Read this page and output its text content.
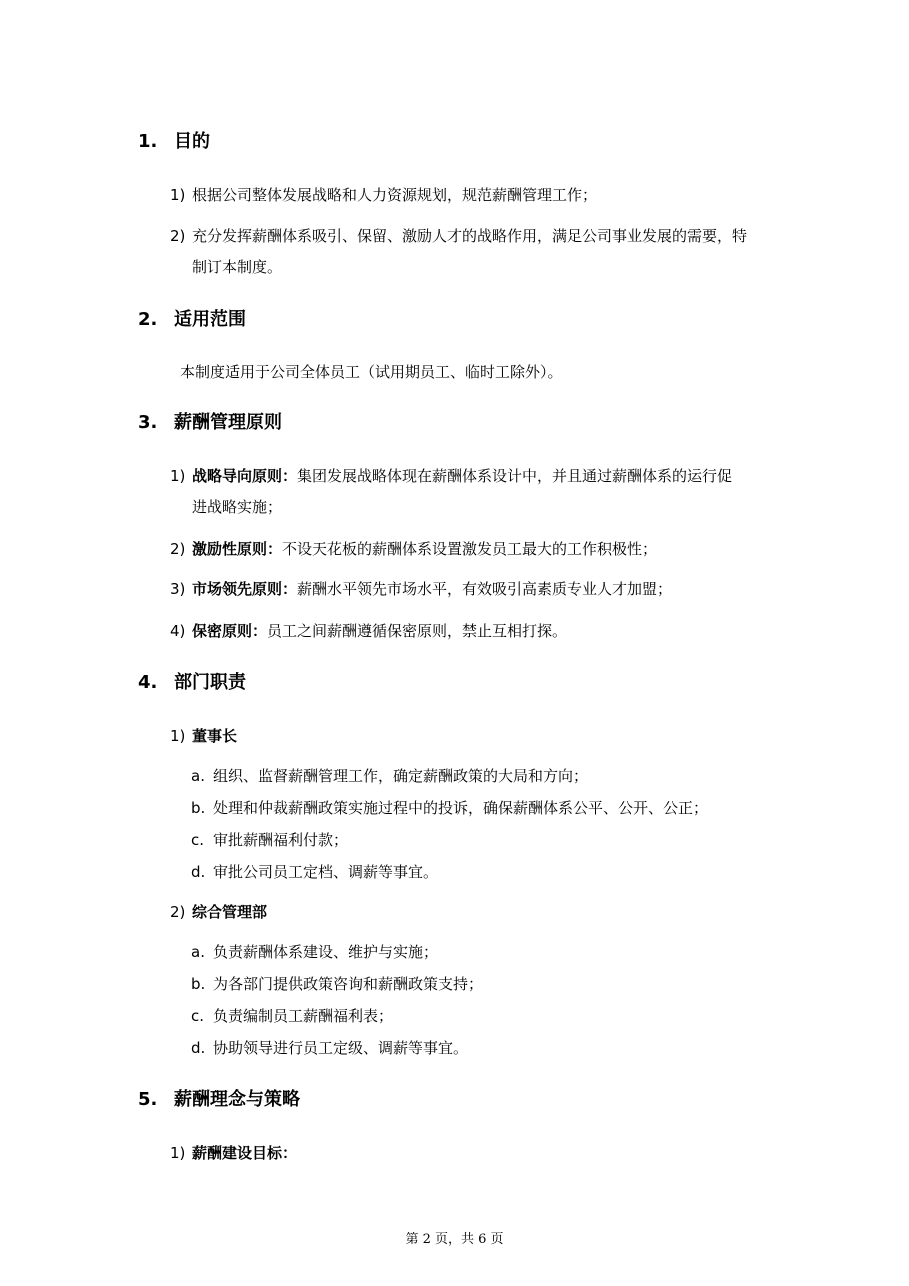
1. 目的
1) 根据公司整体发展战略和人力资源规划，规范薪酬管理工作；
2) 充分发挥薪酬体系吸引、保留、激励人才的战略作用，满足公司事业发展的需要，特
制订本制度。
2. 适用范围
本制度适用于公司全体员工（试用期员工、临时工除外）。
3. 薪酬管理原则
1) 战略导向原则：集团发展战略体现在薪酬体系设计中，并且通过薪酬体系的运行促
进战略实施；
2) 激励性原则：不设天花板的薪酬体系设置激发员工最大的工作积极性；
3) 市场领先原则：薪酬水平领先市场水平，有效吸引高素质专业人才加盟；
4) 保密原则：员工之间薪酬遵循保密原则，禁止互相打探。
4. 部门职责
1) 董事长
a. 组织、监督薪酬管理工作，确定薪酬政策的大局和方向；
b. 处理和仲裁薪酬政策实施过程中的投诉，确保薪酬体系公平、公开、公正；
c. 审批薪酬福利付款；
d. 审批公司员工定档、调薪等事宜。
2) 综合管理部
a. 负责薪酬体系建设、维护与实施；
b. 为各部门提供政策咨询和薪酬政策支持；
c. 负责编制员工薪酬福利表；
d. 协助领导进行员工定级、调薪等事宜。
5. 薪酬理念与策略
1) 薪酬建设目标：
第 2 页，共 6 页
